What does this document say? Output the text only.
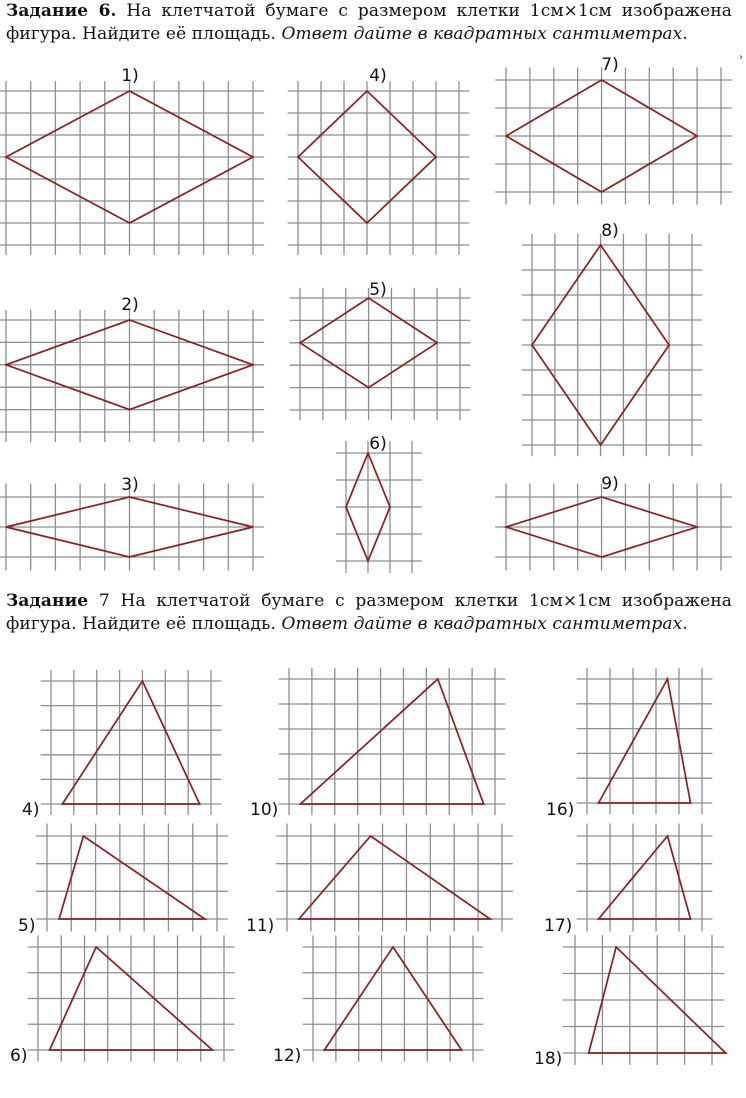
Задание 6. На клетчатой бумаге с размером клетки 1см×1см изображена фигура. Найдите её площадь. Ответ дайте в квадратных сантиметрах.
Задание 7 На клетчатой бумаге с размером клетки 1см×1см изображена фигура. Найдите её площадь. Ответ дайте в квадратных сантиметрах.
›
1)
2)
3)
4)
5)
6)
7)
8)
9)
4)	10)	16)
5)	11)	17)
6)	12)	18)
